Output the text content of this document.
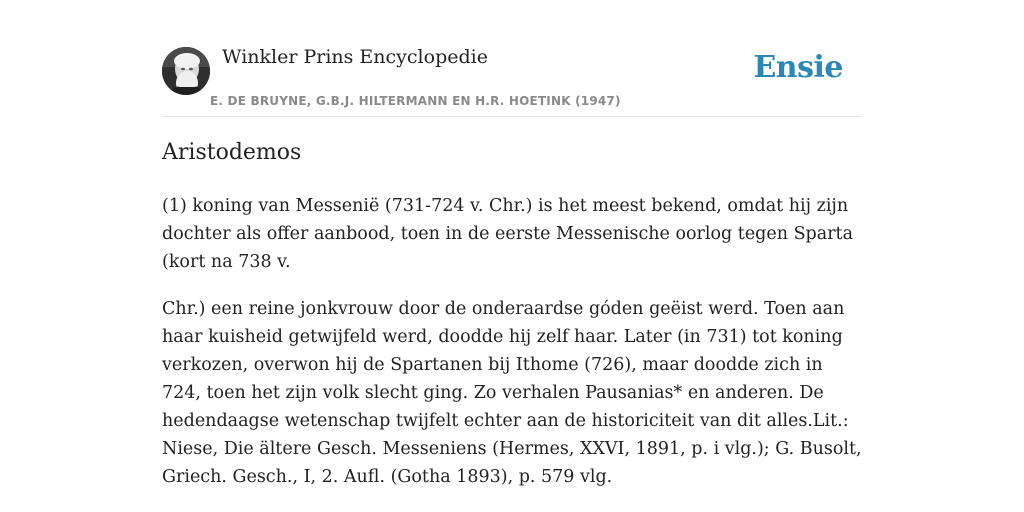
Winkler Prins Encyclopedie
E. DE BRUYNE, G.B.J. HILTERMANN EN H.R. HOETINK (1947)
Ensie
Aristodemos

(1) koning van Messenië (731-724 v. Chr.) is het meest bekend, omdat hij zijn dochter als offer aanbood, toen in de eerste Messenische oorlog tegen Sparta (kort na 738 v.

Chr.) een reine jonkvrouw door de onderaardse góden geëist werd. Toen aan haar kuisheid getwijfeld werd, doodde hij zelf haar. Later (in 731) tot koning verkozen, overwon hij de Spartanen bij Ithome (726), maar doodde zich in 724, toen het zijn volk slecht ging. Zo verhalen Pausanias* en anderen. De hedendaagse wetenschap twijfelt echter aan de historiciteit van dit alles.Lit.: Niese, Die ältere Gesch. Messeniens (Hermes, XXVI, 1891, p. i vlg.); G. Busolt, Griech. Gesch., I, 2. Aufl. (Gotha 1893), p. 579 vlg.
